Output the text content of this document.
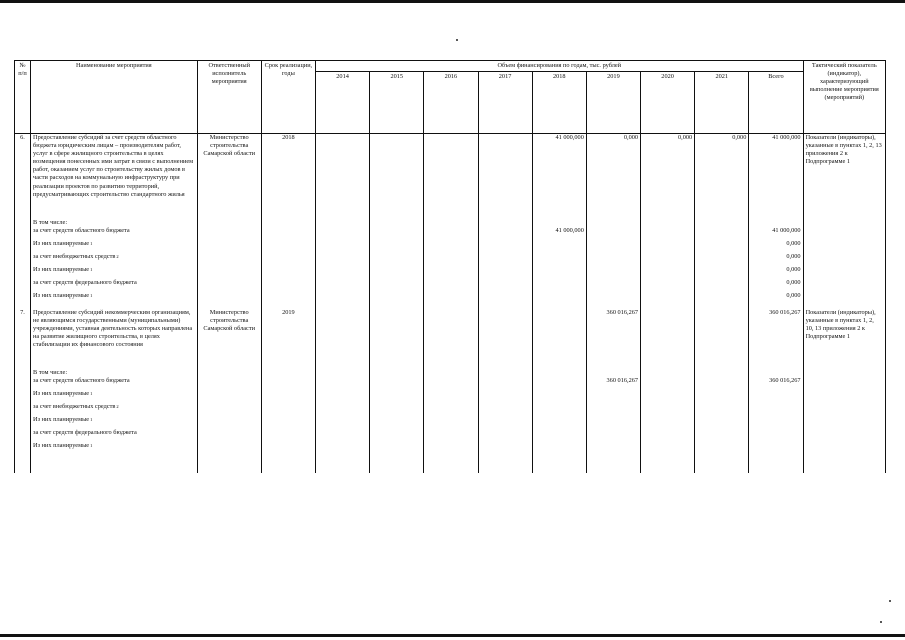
№ п/п	Наименование мероприятия	Ответственный исполнитель мероприятия	Срок реализации, годы	Объем финансирования по годам, тыс. рублей									Тактический показатель (индикатор), характеризующий выполнение мероприятия (мероприятий)
				2014	2015	2016	2017	2018	2019	2020	2021	Всего	
6.	Предоставление субсидий за счет средств областного бюджета юридическим лицам – производителям работ, услуг в сфере жилищного строительства в целях возмещения понесенных ими затрат в связи с выполнением работ, оказанием услуг по строительству жилых домов в части расходов на коммунальную инфраструктуру при реализации проектов по развитию территорий, предусматривающих строительство стандартного жилья	Министерство строительства Самарской области	2018					41 000,000	0,000	0,000	0,000	41 000,000	Показатели (индикаторы), указанные в пунктах 1, 2, 13 приложения 2 к Подпрограмме 1
	В том числе:												
	за счет средств областного бюджета							41 000,000				41 000,000	
	Из них планируемые$^1$											0,000	
	за счет внебюджетных средств$^2$											0,000	
	Из них планируемые$^1$											0,000	
	за счет средств федерального бюджета											0,000	
	Из них планируемые$^1$											0,000	

7.	Предоставление субсидий некоммерческим организациям, не являющимся государственными (муниципальными) учреждениями, уставная деятельность которых направлена на развитие жилищного строительства, в целях стабилизации их финансового состояния	Министерство строительства Самарской области	2019						360 016,267			360 016,267	Показатели (индикаторы), указанные в пунктах 1, 2, 10, 13 приложения 2 к Подпрограмме 1
	В том числе:												
	за счет средств областного бюджета								360 016,267			360 016,267	
	Из них планируемые$^1$												
	за счет внебюджетных средств$^2$												
	Из них планируемые$^1$												
	за счет средств федерального бюджета												
	Из них планируемые$^1$												
